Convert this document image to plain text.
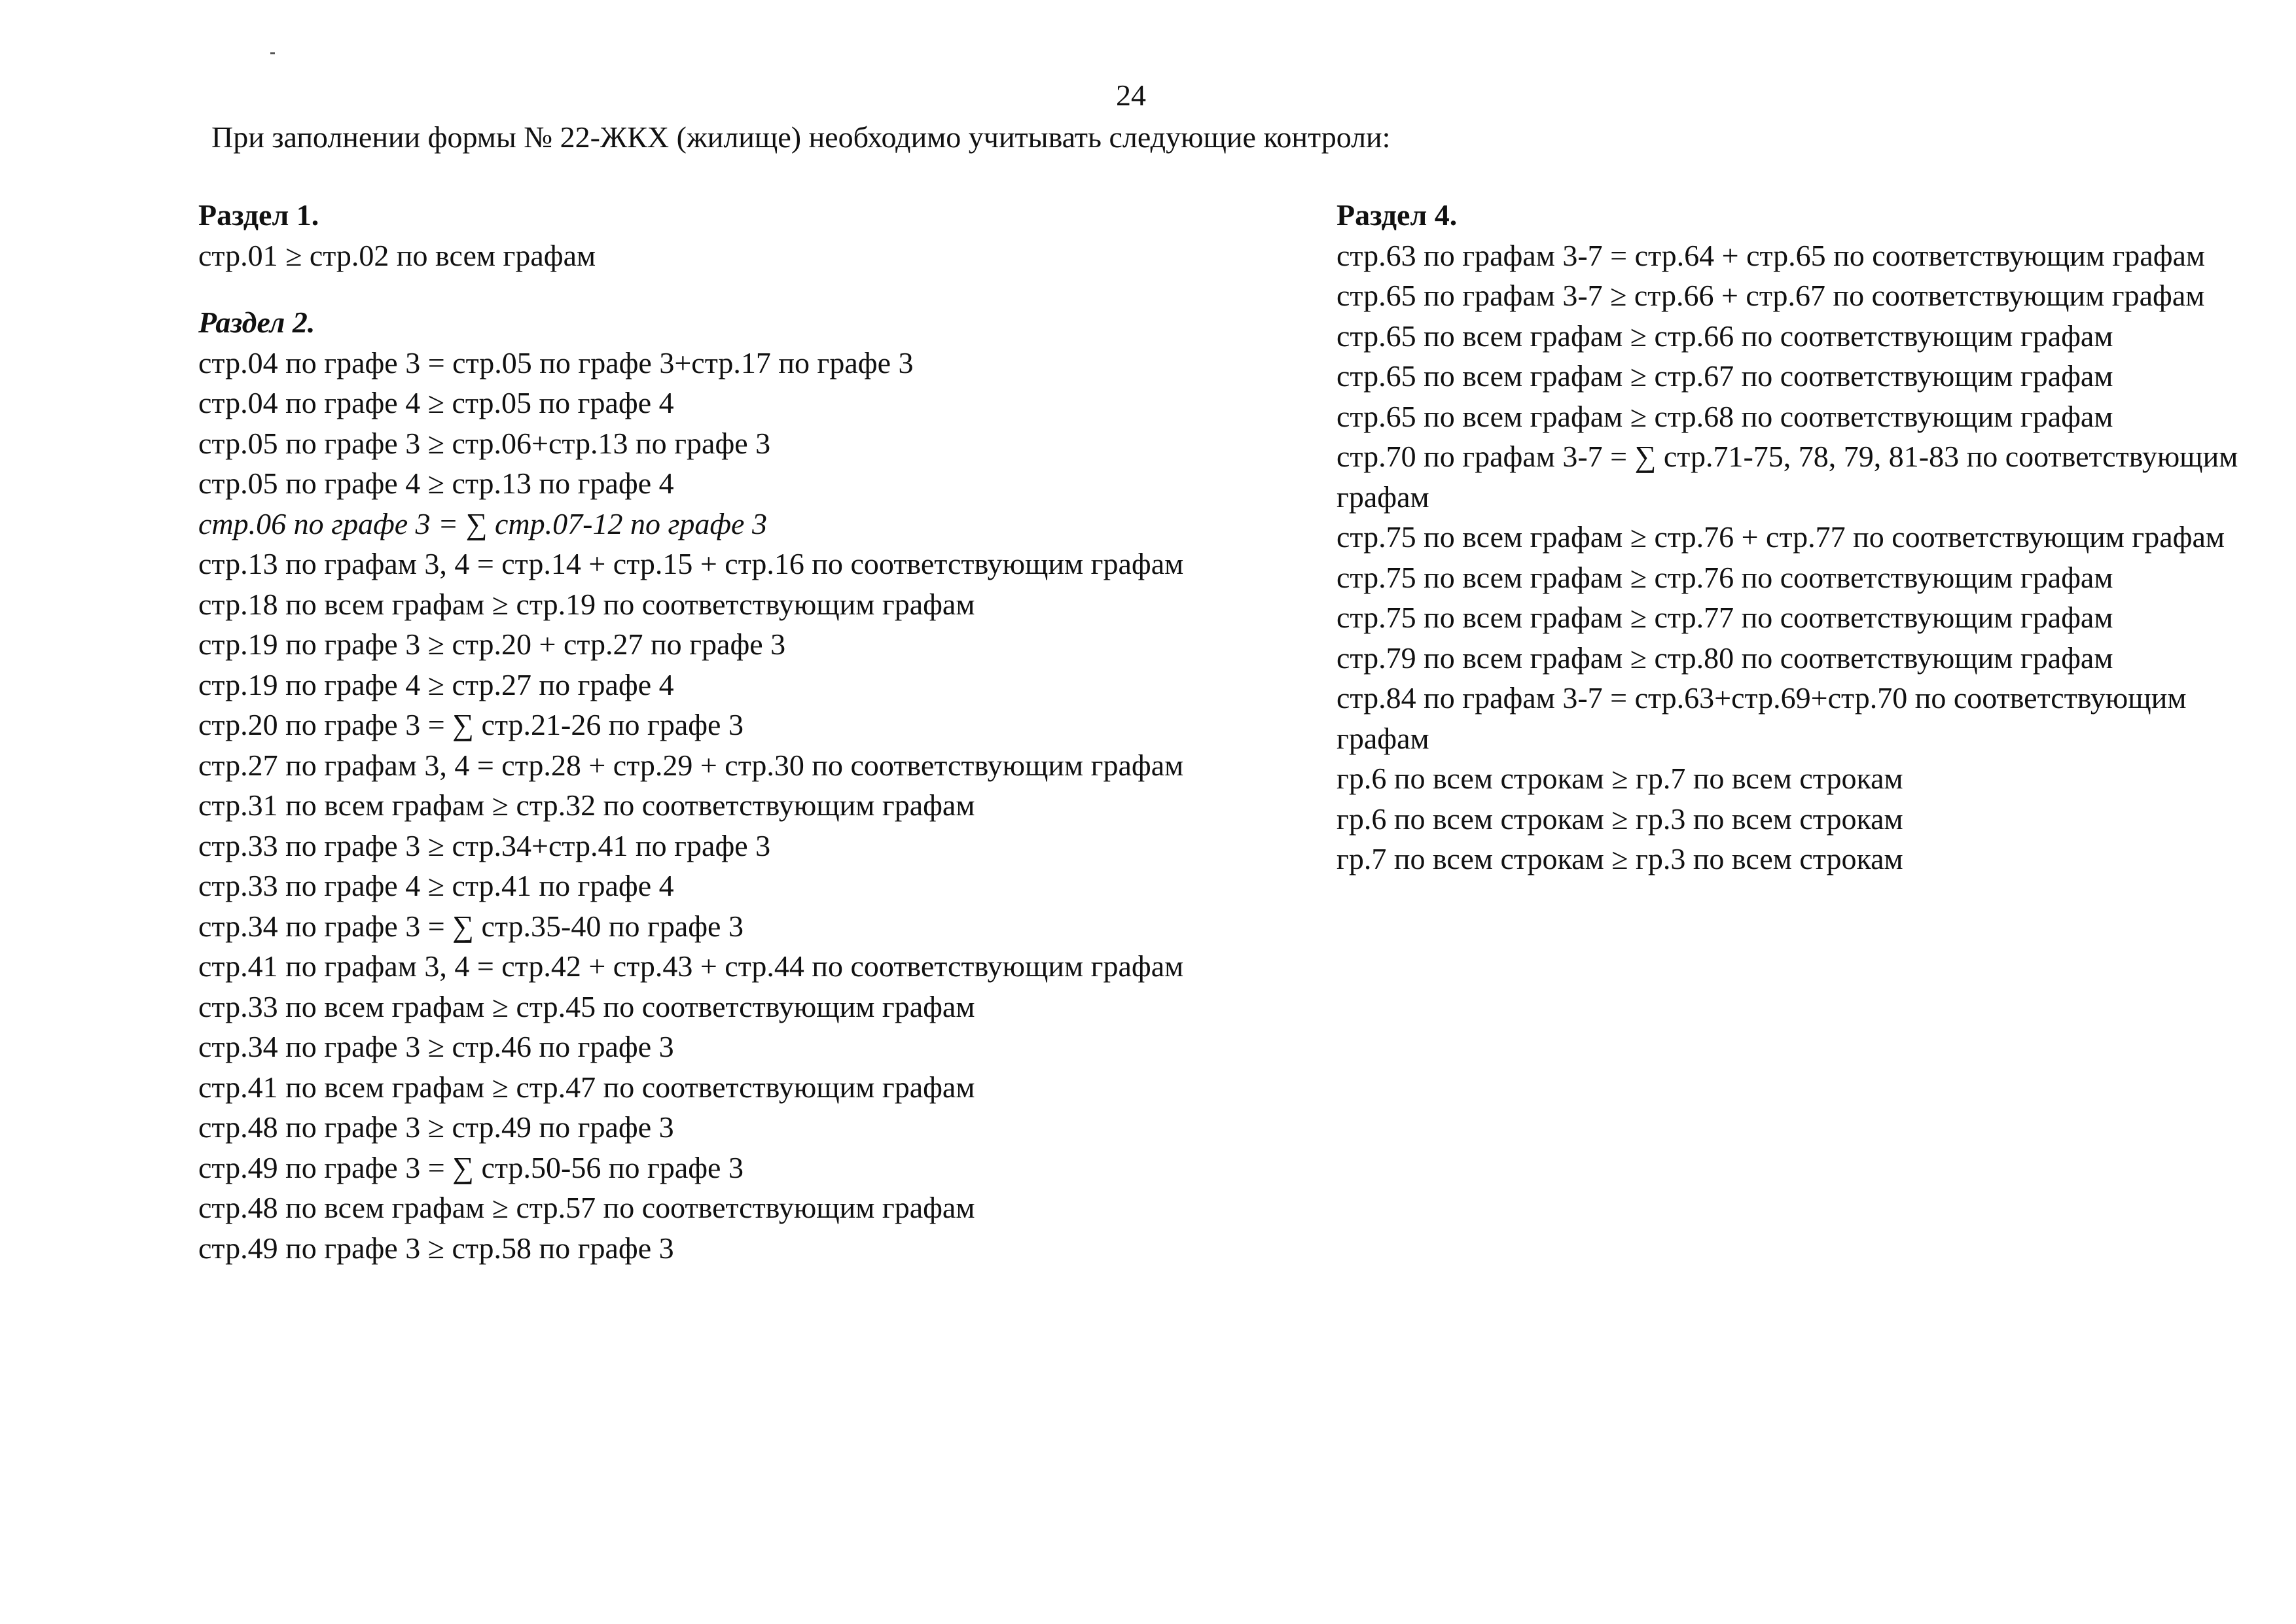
24
При заполнении формы № 22-ЖКХ (жилище) необходимо учитывать следующие контроли:
Раздел 1.
стр.01 ≥ стр.02 по всем графам
Раздел 2.
стр.04 по графе 3 = стр.05 по графе 3+стр.17 по графе 3
стр.04 по графе 4 ≥ стр.05 по графе 4
стр.05 по графе 3 ≥ стр.06+стр.13 по графе 3
стр.05 по графе 4 ≥ стр.13 по графе 4
стр.06 по графе 3 = ∑ стр.07-12 по графе 3
стр.13 по графам 3, 4 = стр.14 + стр.15 + стр.16 по соответствующим графам
стр.18 по всем графам ≥ стр.19 по соответствующим графам
стр.19 по графе 3 ≥ стр.20 + стр.27 по графе 3
стр.19 по графе 4 ≥ стр.27 по графе 4
стр.20 по графе 3 = ∑ стр.21-26 по графе 3
стр.27 по графам 3, 4 = стр.28 + стр.29 + стр.30 по соответствующим графам
стр.31 по всем графам ≥ стр.32 по соответствующим графам
стр.33 по графе 3 ≥ стр.34+стр.41 по графе 3
стр.33 по графе 4 ≥ стр.41 по графе 4
стр.34 по графе 3 = ∑ стр.35-40 по графе 3
стр.41 по графам 3, 4 = стр.42 + стр.43 + стр.44 по соответствующим графам
стр.33 по всем графам ≥ стр.45 по соответствующим графам
стр.34 по графе 3 ≥ стр.46 по графе 3
стр.41 по всем графам ≥ стр.47 по соответствующим графам
стр.48 по графе 3 ≥ стр.49 по графе 3
стр.49 по графе 3 = ∑ стр.50-56 по графе 3
стр.48 по всем графам ≥ стр.57 по соответствующим графам
стр.49 по графе 3 ≥ стр.58 по графе 3
Раздел 4.
стр.63 по графам 3-7 = стр.64 + стр.65 по соответствующим графам
стр.65 по графам 3-7 ≥ стр.66 + стр.67 по соответствующим графам
стр.65 по всем графам ≥ стр.66 по соответствующим графам
стр.65 по всем графам ≥ стр.67 по соответствующим графам
стр.65 по всем графам ≥ стр.68 по соответствующим графам
стр.70 по графам 3-7 = ∑ стр.71-75, 78, 79, 81-83 по соответствующим графам
стр.75 по всем графам ≥ стр.76 + стр.77 по соответствующим графам
стр.75 по всем графам ≥ стр.76 по соответствующим графам
стр.75 по всем графам ≥ стр.77 по соответствующим графам
стр.79 по всем графам ≥ стр.80 по соответствующим графам
стр.84 по графам 3-7 = стр.63+стр.69+стр.70 по соответствующим графам
гр.6 по всем строкам ≥ гр.7 по всем строкам
гр.6 по всем строкам ≥ гр.3 по всем строкам
гр.7 по всем строкам ≥ гр.3 по всем строкам
